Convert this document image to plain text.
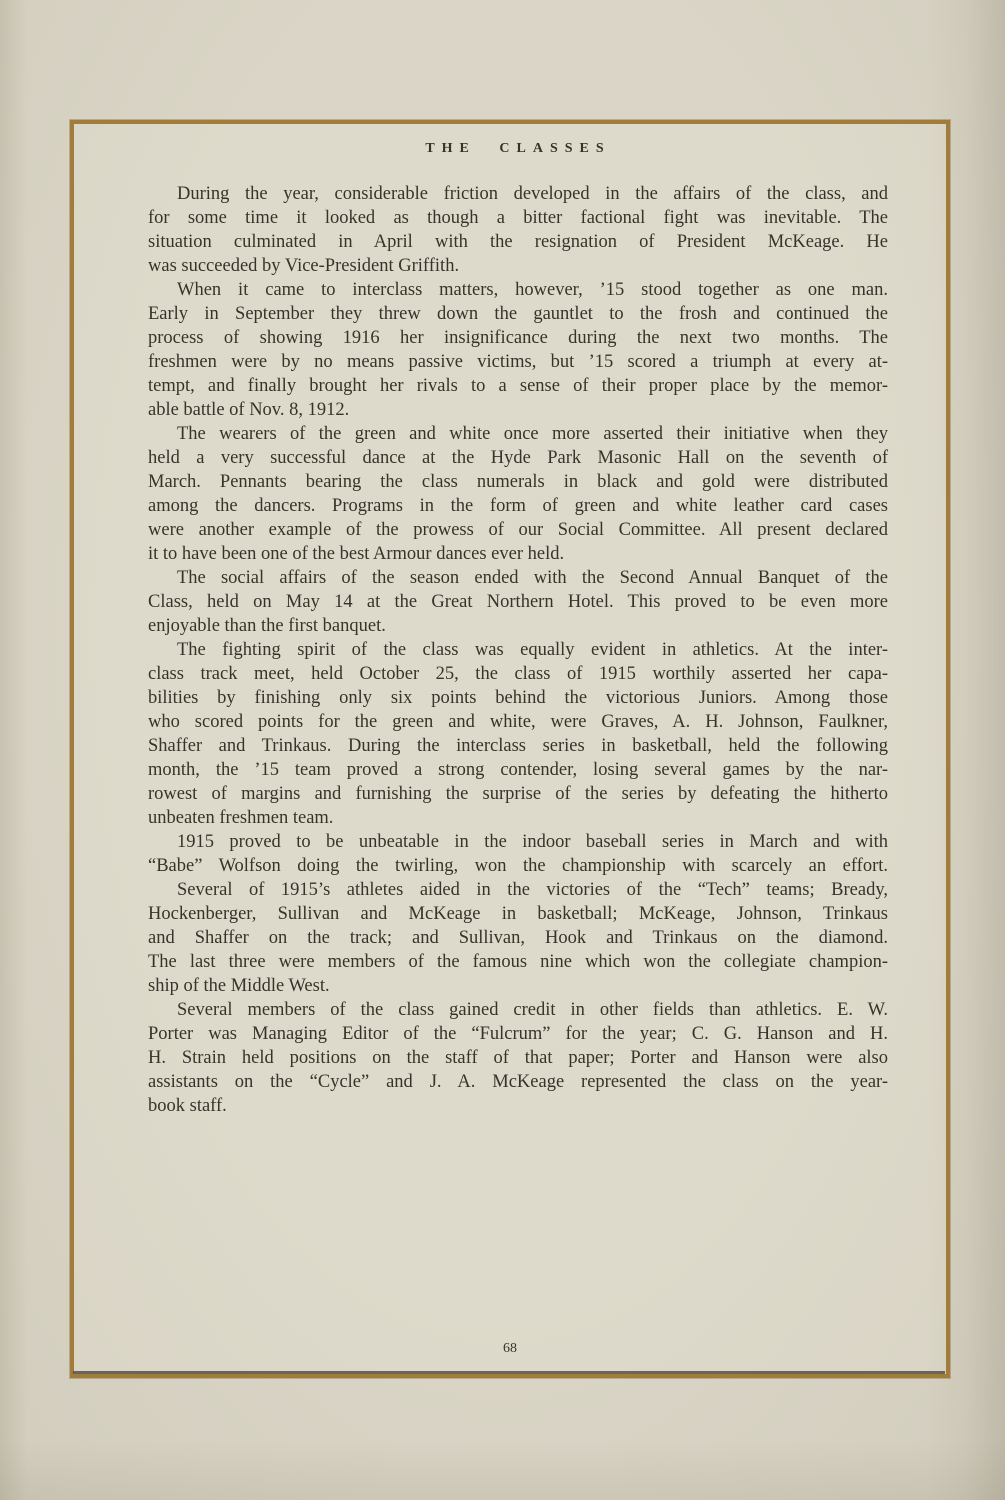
THE CLASSES
During the year, considerable friction developed in the affairs of the class, and
for some time it looked as though a bitter factional fight was inevitable. The
situation culminated in April with the resignation of President McKeage. He
was succeeded by Vice-President Griffith.
When it came to interclass matters, however, ’15 stood together as one man.
Early in September they threw down the gauntlet to the frosh and continued the
process of showing 1916 her insignificance during the next two months. The
freshmen were by no means passive victims, but ’15 scored a triumph at every at-
tempt, and finally brought her rivals to a sense of their proper place by the memor-
able battle of Nov. 8, 1912.
The wearers of the green and white once more asserted their initiative when they
held a very successful dance at the Hyde Park Masonic Hall on the seventh of
March. Pennants bearing the class numerals in black and gold were distributed
among the dancers. Programs in the form of green and white leather card cases
were another example of the prowess of our Social Committee. All present declared
it to have been one of the best Armour dances ever held.
The social affairs of the season ended with the Second Annual Banquet of the
Class, held on May 14 at the Great Northern Hotel. This proved to be even more
enjoyable than the first banquet.
The fighting spirit of the class was equally evident in athletics. At the inter-
class track meet, held October 25, the class of 1915 worthily asserted her capa-
bilities by finishing only six points behind the victorious Juniors. Among those
who scored points for the green and white, were Graves, A. H. Johnson, Faulkner,
Shaffer and Trinkaus. During the interclass series in basketball, held the following
month, the ’15 team proved a strong contender, losing several games by the nar-
rowest of margins and furnishing the surprise of the series by defeating the hitherto
unbeaten freshmen team.
1915 proved to be unbeatable in the indoor baseball series in March and with
“Babe” Wolfson doing the twirling, won the championship with scarcely an effort.
Several of 1915’s athletes aided in the victories of the “Tech” teams; Bready,
Hockenberger, Sullivan and McKeage in basketball; McKeage, Johnson, Trinkaus
and Shaffer on the track; and Sullivan, Hook and Trinkaus on the diamond.
The last three were members of the famous nine which won the collegiate champion-
ship of the Middle West.
Several members of the class gained credit in other fields than athletics. E. W.
Porter was Managing Editor of the “Fulcrum” for the year; C. G. Hanson and H.
H. Strain held positions on the staff of that paper; Porter and Hanson were also
assistants on the “Cycle” and J. A. McKeage represented the class on the year-
book staff.
68
